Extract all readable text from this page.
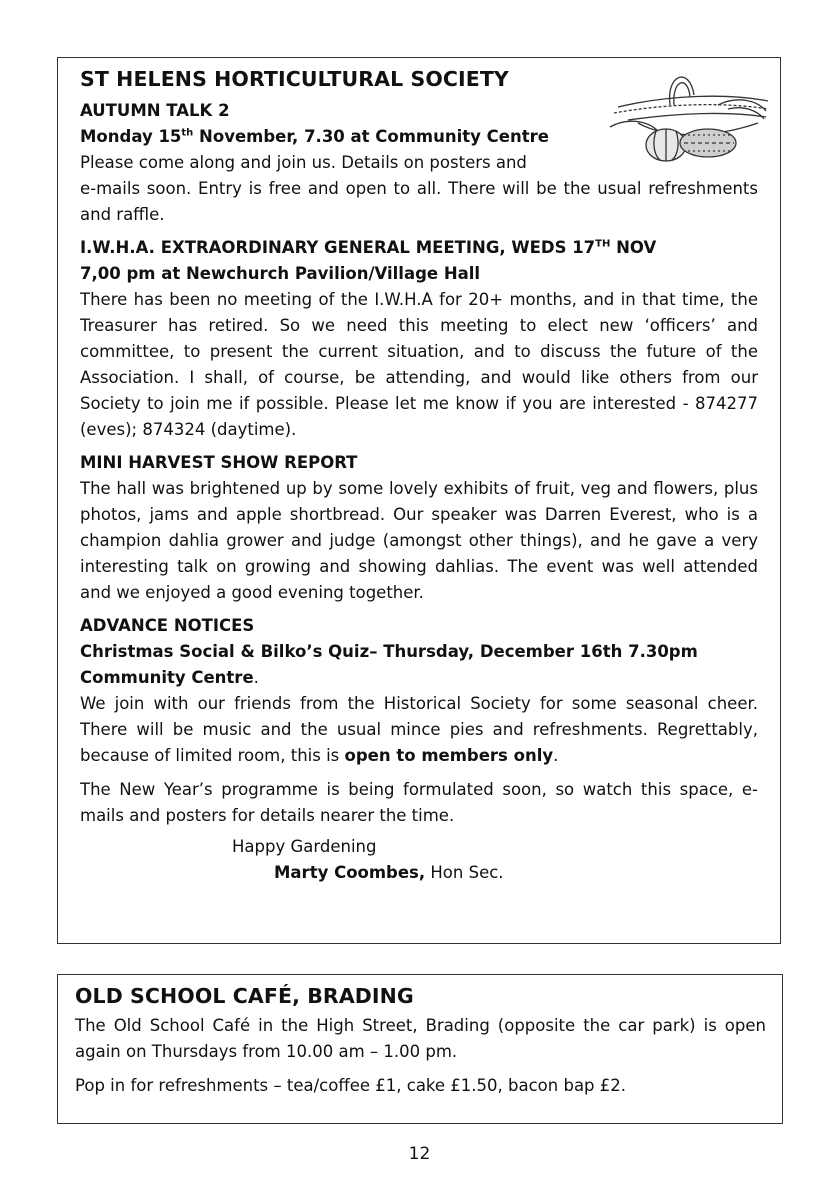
ST HELENS HORTICULTURAL SOCIETY
AUTUMN TALK 2
Monday 15th November, 7.30 at Community Centre

Please come along and join us. Details on posters and

e-mails soon. Entry is free and open to all. There will be the usual refreshments and raffle.

I.W.H.A. EXTRAORDINARY GENERAL MEETING, WEDS 17TH NOV
7,00 pm at Newchurch Pavilion/Village Hall

There has been no meeting of the I.W.H.A for 20+ months, and in that time, the Treasurer has retired. So we need this meeting to elect new ‘officers’ and committee, to present the current situation, and to discuss the future of the Association. I shall, of course, be attending, and would like others from our Society to join me if possible. Please let me know if you are interested - 874277 (eves); 874324 (daytime).

MINI HARVEST SHOW REPORT

The hall was brightened up by some lovely exhibits of fruit, veg and flowers, plus photos, jams and apple shortbread. Our speaker was Darren Everest, who is a champion dahlia grower and judge (amongst other things), and he gave a very interesting talk on growing and showing dahlias. The event was well attended and we enjoyed a good evening together.

ADVANCE NOTICES

Christmas Social & Bilko’s Quiz– Thursday, December 16th 7.30pm Community Centre.

We join with our friends from the Historical Society for some seasonal cheer. There will be music and the usual mince pies and refreshments. Regrettably, because of limited room, this is open to members only.

The New Year’s programme is being formulated soon, so watch this space, e-mails and posters for details nearer the time.

Happy Gardening
Marty Coombes, Hon Sec.
OLD SCHOOL CAFÉ, BRADING

The Old School Café in the High Street, Brading (opposite the car park) is open again on Thursdays from 10.00 am – 1.00 pm.

Pop in for refreshments – tea/coffee £1, cake £1.50, bacon bap £2.

12
